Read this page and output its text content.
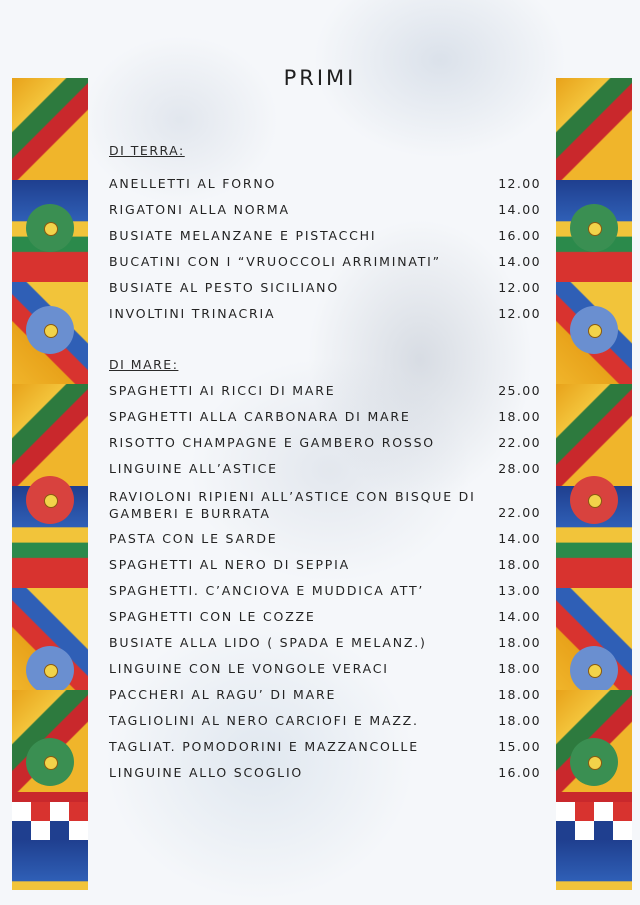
PRIMI
DI TERRA:
ANELLETTI AL FORNO	12.00
RIGATONI ALLA NORMA	14.00
BUSIATE MELANZANE E PISTACCHI	16.00
BUCATINI CON I “VRUOCCOLI ARRIMINATI”	14.00
BUSIATE AL PESTO SICILIANO	12.00
INVOLTINI TRINACRIA	12.00
DI MARE:
SPAGHETTI AI RICCI DI MARE	25.00
SPAGHETTI ALLA CARBONARA DI MARE	18.00
RISOTTO CHAMPAGNE E GAMBERO ROSSO	22.00
LINGUINE ALL’ASTICE	28.00
RAVIOLONI RIPIENI ALL’ASTICE CON BISQUE DI GAMBERI E BURRATA	22.00
PASTA CON LE SARDE	14.00
SPAGHETTI AL NERO DI SEPPIA	18.00
SPAGHETTI. C’ANCIOVA E MUDDICA ATT’	13.00
SPAGHETTI CON LE COZZE	14.00
BUSIATE ALLA LIDO ( SPADA E MELANZ.)	18.00
LINGUINE CON LE VONGOLE VERACI	18.00
PACCHERI AL RAGU’ DI MARE	18.00
TAGLIOLINI AL NERO CARCIOFI E MAZZ.	18.00
TAGLIAT. POMODORINI E MAZZANCOLLE	15.00
LINGUINE ALLO SCOGLIO	16.00
